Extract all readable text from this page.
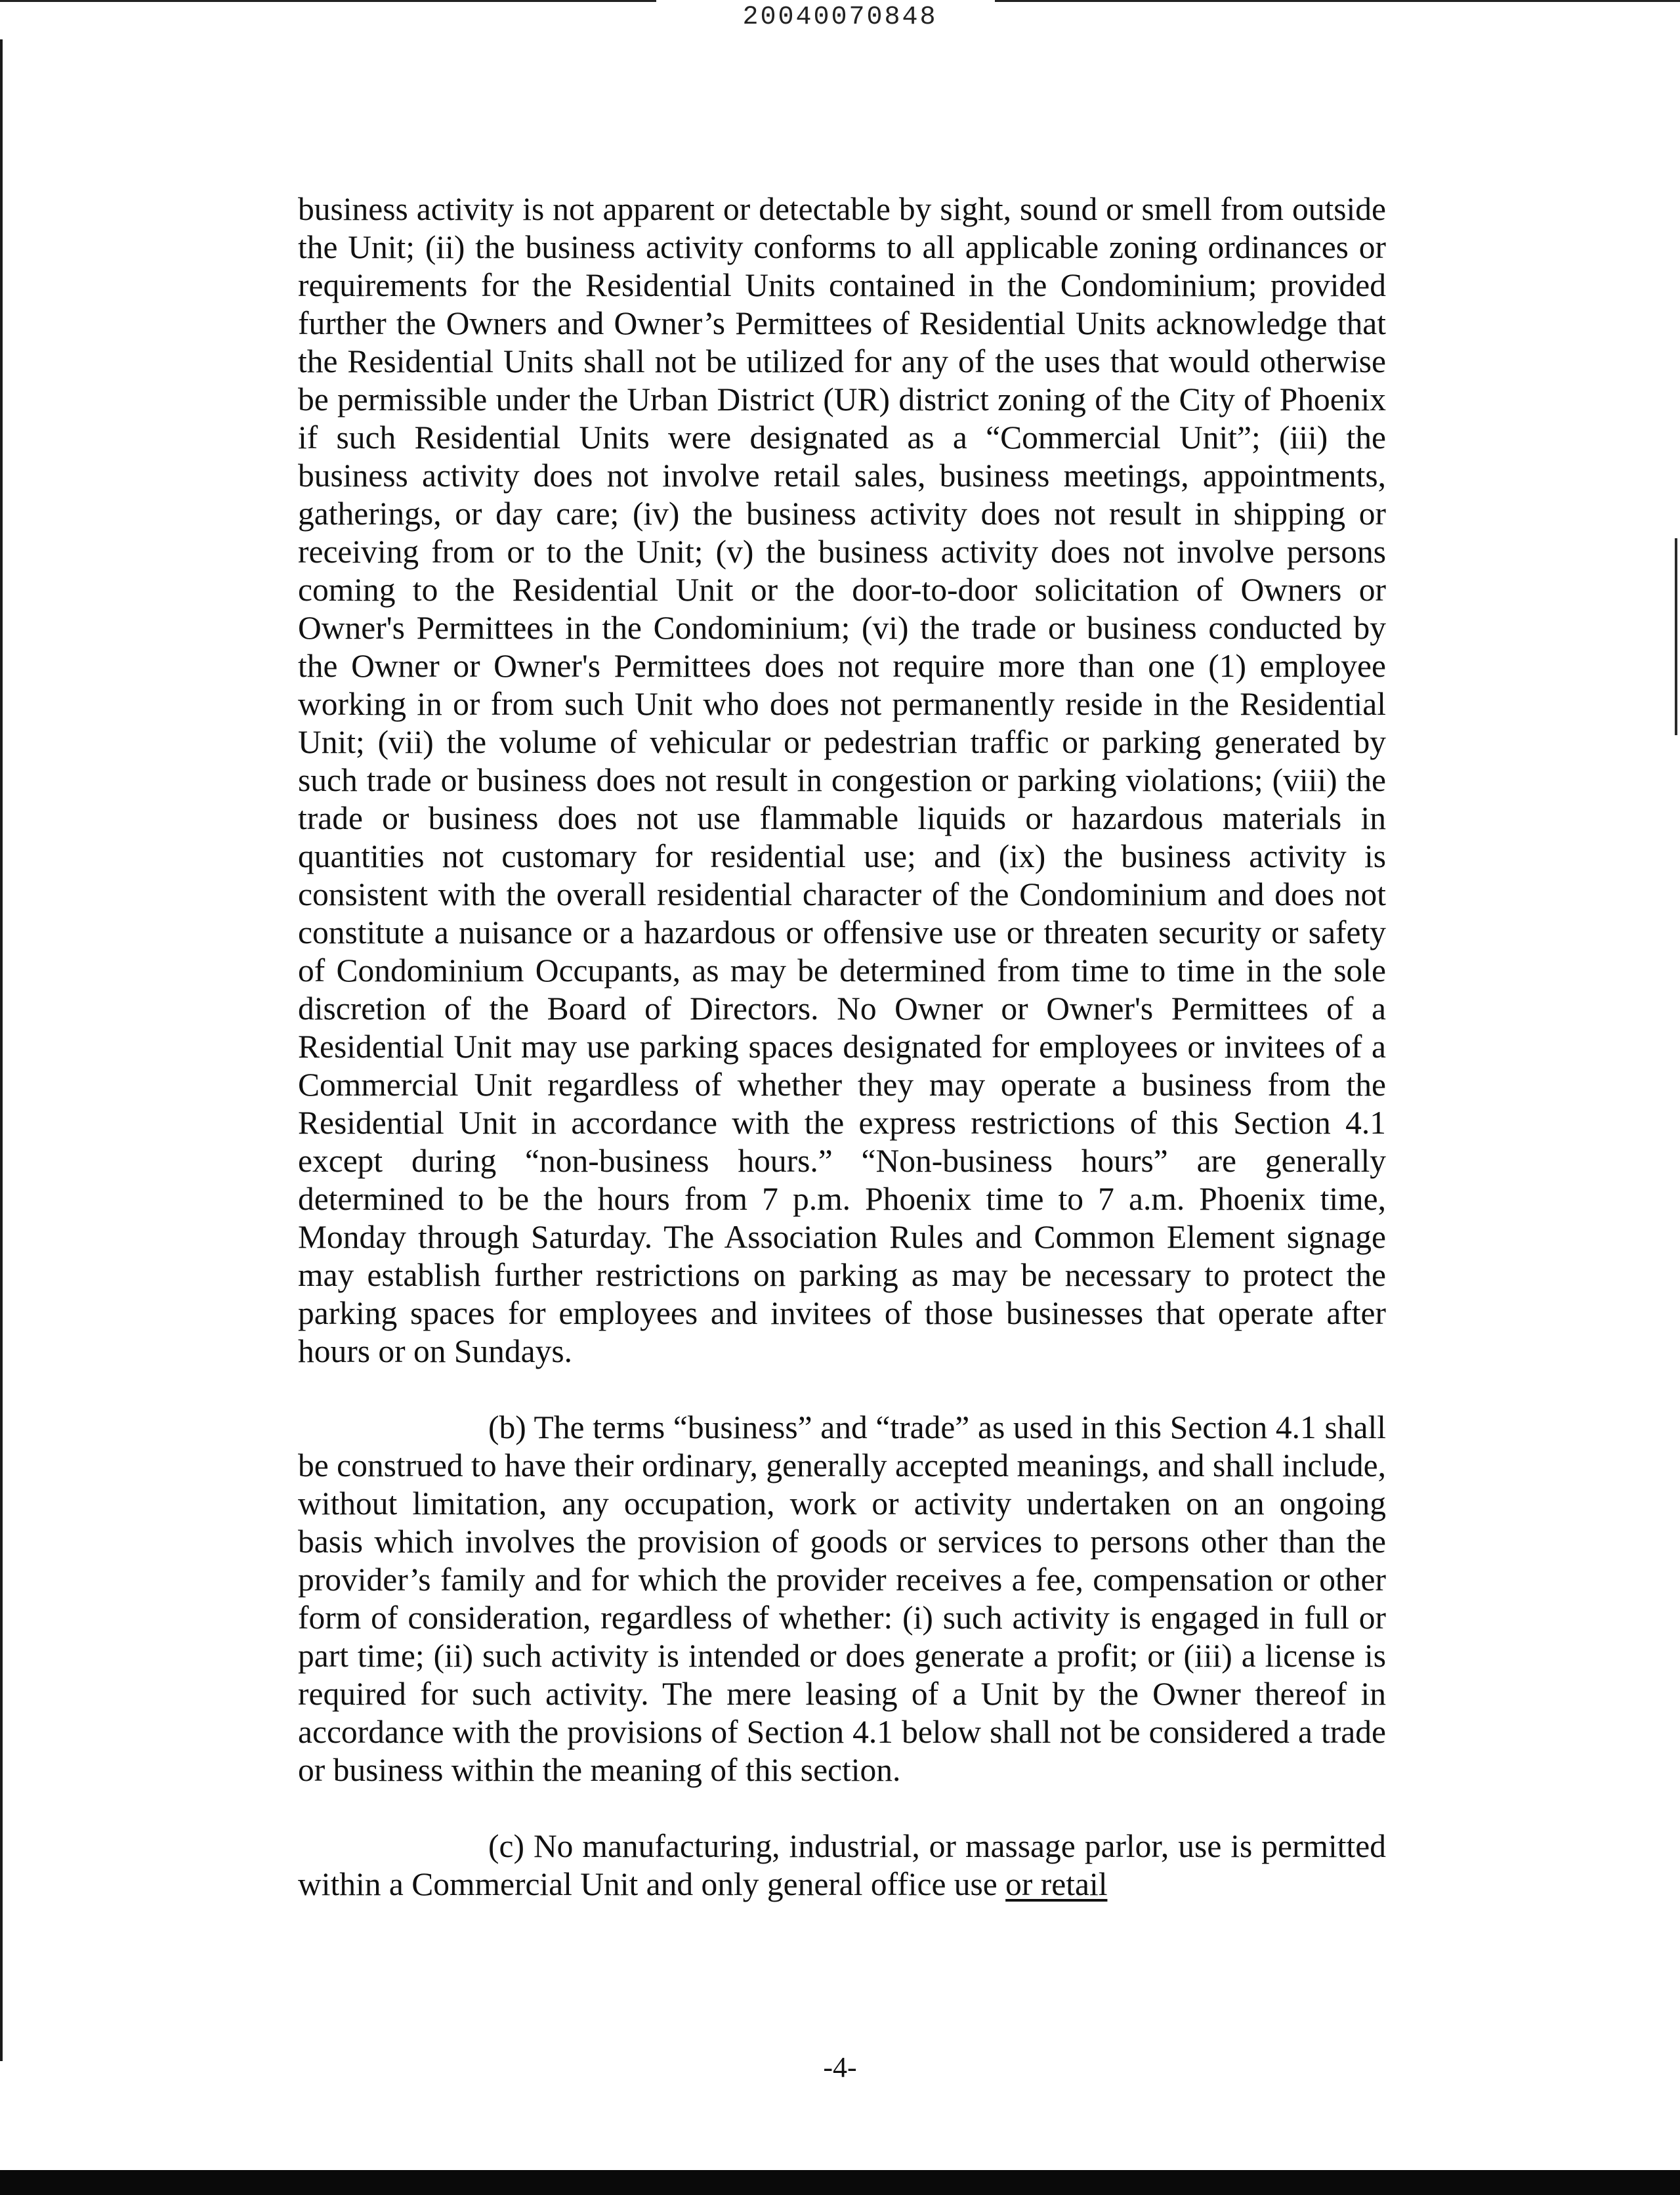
20040070848

business activity is not apparent or detectable by sight, sound or smell from outside the Unit; (ii) the business activity conforms to all applicable zoning ordinances or requirements for the Residential Units contained in the Condominium; provided further the Owners and Owner’s Permittees of Residential Units acknowledge that the Residential Units shall not be utilized for any of the uses that would otherwise be permissible under the Urban District (UR) district zoning of the City of Phoenix if such Residential Units were designated as a “Commercial Unit”; (iii) the business activity does not involve retail sales, business meetings, appointments, gatherings, or day care; (iv) the business activity does not result in shipping or receiving from or to the Unit; (v) the business activity does not involve persons coming to the Residential Unit or the door-to-door solicitation of Owners or Owner's Permittees in the Condominium; (vi) the trade or business conducted by the Owner or Owner's Permittees does not require more than one (1) employee working in or from such Unit who does not permanently reside in the Residential Unit; (vii) the volume of vehicular or pedestrian traffic or parking generated by such trade or business does not result in congestion or parking violations; (viii) the trade or business does not use flammable liquids or hazardous materials in quantities not customary for residential use; and (ix) the business activity is consistent with the overall residential character of the Condominium and does not constitute a nuisance or a hazardous or offensive use or threaten security or safety of Condominium Occupants, as may be determined from time to time in the sole discretion of the Board of Directors. No Owner or Owner's Permittees of a Residential Unit may use parking spaces designated for employees or invitees of a Commercial Unit regardless of whether they may operate a business from the Residential Unit in accordance with the express restrictions of this Section 4.1 except during “non-business hours.” “Non-business hours” are generally determined to be the hours from 7 p.m. Phoenix time to 7 a.m. Phoenix time, Monday through Saturday. The Association Rules and Common Element signage may establish further restrictions on parking as may be necessary to protect the parking spaces for employees and invitees of those businesses that operate after hours or on Sundays.

(b) The terms “business” and “trade” as used in this Section 4.1 shall be construed to have their ordinary, generally accepted meanings, and shall include, without limitation, any occupation, work or activity undertaken on an ongoing basis which involves the provision of goods or services to persons other than the provider’s family and for which the provider receives a fee, compensation or other form of consideration, regardless of whether: (i) such activity is engaged in full or part time; (ii) such activity is intended or does generate a profit; or (iii) a license is required for such activity. The mere leasing of a Unit by the Owner thereof in accordance with the provisions of Section 4.1 below shall not be considered a trade or business within the meaning of this section.

(c) No manufacturing, industrial, or massage parlor, use is permitted within a Commercial Unit and only general office use or retail

-4-
